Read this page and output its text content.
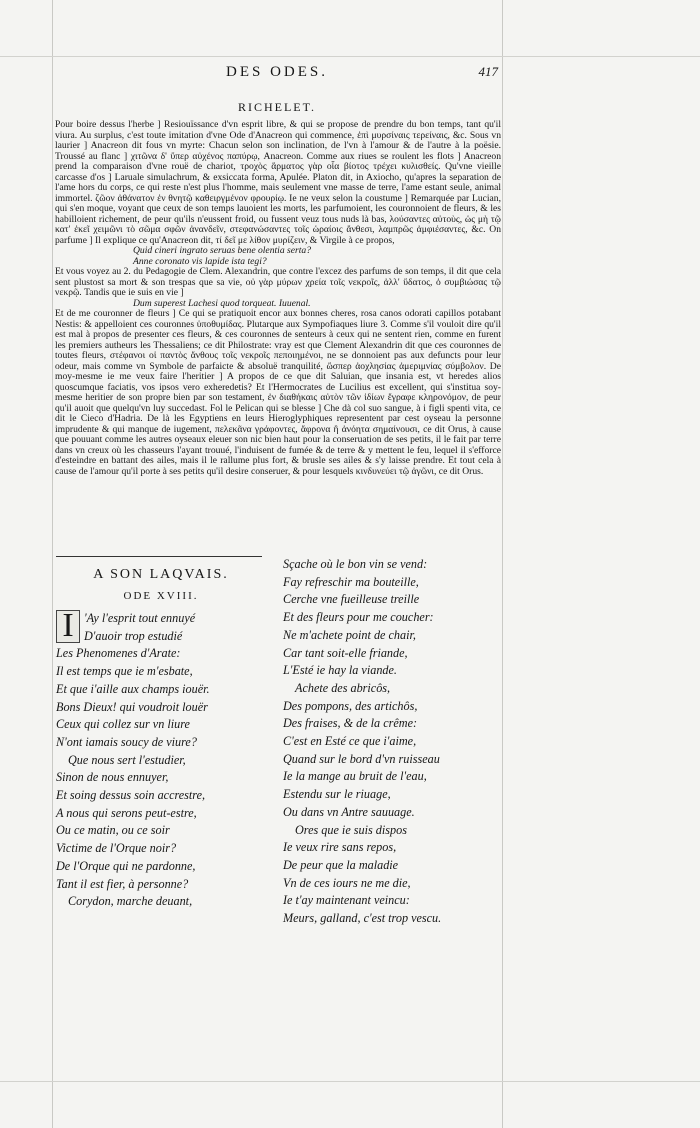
DES ODES.	417
RICHELET.

Pour boire dessus l'herbe ] Resiouïssance d'vn esprit libre, & qui se propose de prendre du bon temps, tant qu'il viura. Au surplus, c'est toute imitation d'vne Ode d'Anacreon qui commence, ἐπὶ μυρσίναις τερείναις, &c. Sous vn laurier ] Anacreon dit fous vn myrte: Chacun selon son inclination, de l'vn à l'amour & de l'autre à la poësie. Troussé au flanc ] χιτῶνα δ' ὕπερ αὐχένος παπύρῳ, Anacreon. Comme aux riues se roulent les flots ] Anacreon prend la comparaison d'vne rouë de chariot, τροχὸς ἅρματος γὰρ οἷα βίοτος τρέχει κυλισθείς. Qu'vne vieille carcasse d'os ] Laruale simulachrum, & exsiccata forma, Apulée. Platon dit, in Axiocho, qu'apres la separation de l'ame hors du corps, ce qui reste n'est plus l'homme, mais seulement vne masse de terre, l'ame estant seule, animal immortel. ζῶον ἀθάνατον ἐν θνητῷ καθειργμένον φρουρίῳ. Ie ne veux selon la coustume ] Remarquée par Lucian, qui s'en moque, voyant que ceux de son temps lauoient les morts, les parfumoient, les couronnoient de fleurs, & les habilloient richement, de peur qu'ils n'eussent froid, ou fussent veuz tous nuds là bas, λούσαντες αὐτοὺς, ὡς μὴ τῷ κατ' ἐκεῖ χειμῶνι τὸ σῶμα σφῶν ἀνανδεῖν, στεφανώσαντες τοῖς ὡραίοις ἄνθεσι, λαμπρῶς ἀμφιέσαντες, &c. On parfume ] Il explique ce qu'Anacreon dit, τί δεῖ με λίθον μυρίζειν, & Virgile à ce propos,

Quid cineri ingrato seruas bene olentia serta?

Anne coronato vis lapide ista tegi?

Et vous voyez au 2. du Pedagogie de Clem. Alexandrin, que contre l'excez des parfums de son temps, il dit que cela sent plustost sa mort & son trespas que sa vie, οὐ γὰρ μύρων χρεία τοῖς νεκροῖς, ἀλλ' ὕδατος, ὁ συμβιώσας τῷ νεκρῷ. Tandis que ie suis en vie ]

Dum superest Lachesi quod torqueat. Iuuenal.

Et de me couronner de fleurs ] Ce qui se pratiquoit encor aux bonnes cheres, rosa canos odorati capillos potabant Nestis: & appelloient ces couronnes ὑποθυμίδας. Plutarque aux Sympofiaques liure 3. Comme s'il vouloit dire qu'il est mal à propos de presenter ces fleurs, & ces couronnes de senteurs à ceux qui ne sentent rien, comme en furent les premiers autheurs les Thessaliens; ce dit Philostrate: vray est que Clement Alexandrin dit que ces couronnes de toutes fleurs, στέφανοι οἱ παντὸς ἄνθους τοῖς νεκροῖς πεποιημένοι, ne se donnoient pas aux defuncts pour leur odeur, mais comme vn Symbole de parfaicte & absoluë tranquilité, ὥσπερ ἀοχλησίας ἀμεριμνίας σύμβολον. De moy-mesme ie me veux faire l'heritier ] A propos de ce que dit Saluian, que insania est, vt heredes alios quoscumque faciatis, vos ipsos vero exheredetis? Et l'Hermocrates de Lucilius est excellent, qui s'institua soy-mesme heritier de son propre bien par son testament, ἐν διαθήκαις αὐτὸν τῶν ἰδίων ἔγραφε κληρονόμον, de peur qu'il auoit que quelqu'vn luy succedast. Fol le Pelican qui se blesse ] Che dà col suo sangue, à i figli spenti vita, ce dit le Cieco d'Hadria. De là les Egyptiens en leurs Hieroglyphiques representent par cest oyseau la personne imprudente & qui manque de iugement, πελεκᾶνα γράφοντες, ἄφρονα ἢ ἀνόητα σημαίνουσι, ce dit Orus, à cause que pouuant comme les autres oyseaux eleuer son nic bien haut pour la conseruation de ses petits, il le fait par terre dans vn creux où les chasseurs l'ayant trouué, l'induisent de fumée & de terre & y mettent le feu, lequel il s'efforce d'esteindre en battant des ailes, mais il le rallume plus fort, & brusle ses ailes & s'y laisse prendre. Et tout cela à cause de l'amour qu'il porte à ses petits qu'il desire conseruer, & pour lesquels κινδυνεύει τῷ ἀγῶνι, ce dit Orus.

A SON LAQVAIS.
ODE XVIII.
I 'Ay l'esprit tout ennuyé
D'auoir trop estudié
Les Phenomenes d'Arate:
Il est temps que ie m'esbate,
Et que i'aille aux champs iouër.
Bons Dieux! qui voudroit louër
Ceux qui collez sur vn liure
N'ont iamais soucy de viure?
Que nous sert l'estudier,
Sinon de nous ennuyer,
Et soing dessus soin accrestre,
A nous qui serons peut-estre,
Ou ce matin, ou ce soir
Victime de l'Orque noir?
De l'Orque qui ne pardonne,
Tant il est fier, à personne?
Corydon, marche deuant,
Sçache où le bon vin se vend:
Fay refreschir ma bouteille,
Cerche vne fueilleuse treille
Et des fleurs pour me coucher:
Ne m'achete point de chair,
Car tant soit-elle friande,
L'Esté ie hay la viande.
Achete des abricôs,
Des pompons, des artichôs,
Des fraises, & de la crême:
C'est en Esté ce que i'aime,
Quand sur le bord d'vn ruisseau
Ie la mange au bruit de l'eau,
Estendu sur le riuage,
Ou dans vn Antre sauuage.
Ores que ie suis dispos
Ie veux rire sans repos,
De peur que la maladie
Vn de ces iours ne me die,
Ie t'ay maintenant veincu:
Meurs, galland, c'est trop vescu.
